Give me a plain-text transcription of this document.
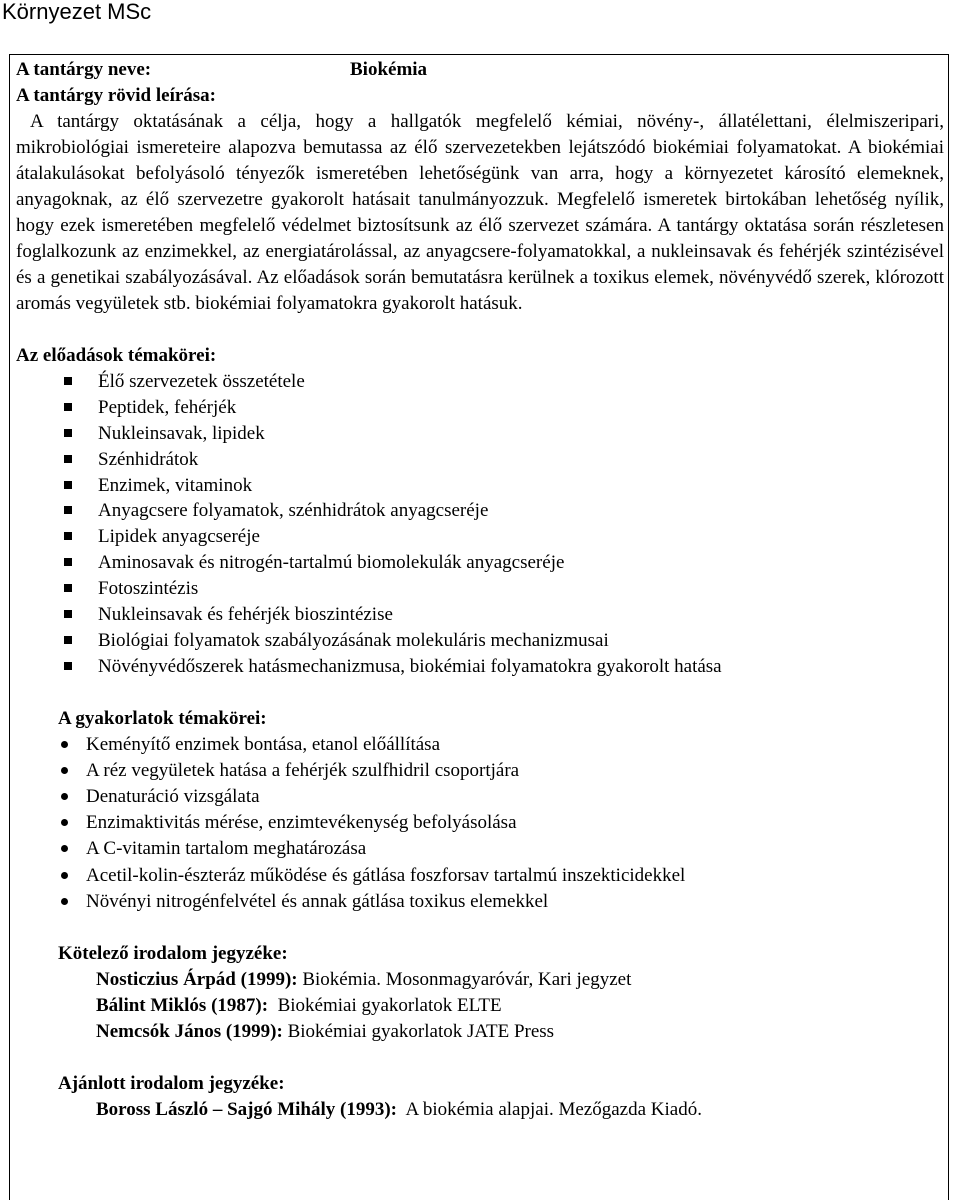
Környezet MSc
A tantárgy neve:	Biokémia
A tantárgy rövid leírása:

A tantárgy oktatásának a célja, hogy a hallgatók megfelelő kémiai, növény-, állatélettani, élelmiszeripari, mikrobiológiai ismereteire alapozva bemutassa az élő szervezetekben lejátszódó biokémiai folyamatokat. A biokémiai átalakulásokat befolyásoló tényezők ismeretében lehetőségünk van arra, hogy a környezetet károsító elemeknek, anyagoknak, az élő szervezetre gyakorolt hatásait tanulmányozzuk. Megfelelő ismeretek birtokában lehetőség nyílik, hogy ezek ismeretében megfelelő védelmet biztosítsunk az élő szervezet számára. A tantárgy oktatása során részletesen foglalkozunk az enzimekkel, az energiatárolással, az anyagcsere-folyamatokkal, a nukleinsavak és fehérjék szintézisével és a genetikai szabályozásával. Az előadások során bemutatásra kerülnek a toxikus elemek, növényvédő szerek, klórozott aromás vegyületek stb. biokémiai folyamatokra gyakorolt hatásuk.

Az előadások témakörei:
Élő szervezetek összetétele
Peptidek, fehérjék
Nukleinsavak, lipidek
Szénhidrátok
Enzimek, vitaminok
Anyagcsere folyamatok, szénhidrátok anyagcseréje
Lipidek anyagcseréje
Aminosavak és nitrogén-tartalmú biomolekulák anyagcseréje
Fotoszintézis
Nukleinsavak és fehérjék bioszintézise
Biológiai folyamatok szabályozásának molekuláris mechanizmusai
Növényvédőszerek hatásmechanizmusa, biokémiai folyamatokra gyakorolt hatása
A gyakorlatok témakörei:
Keményítő enzimek bontása, etanol előállítása
A réz vegyületek hatása a fehérjék szulfhidril csoportjára
Denaturáció vizsgálata
Enzimaktivitás mérése, enzimtevékenység befolyásolása
A C-vitamin tartalom meghatározása
Acetil-kolin-észteráz működése és gátlása foszforsav tartalmú inszekticidekkel
Növényi nitrogénfelvétel és annak gátlása toxikus elemekkel
Kötelező irodalom jegyzéke:
Nosticzius Árpád (1999): Biokémia. Mosonmagyaróvár, Kari jegyzet
Bálint Miklós (1987):  Biokémiai gyakorlatok ELTE
Nemcsók János (1999): Biokémiai gyakorlatok JATE Press
Ajánlott irodalom jegyzéke:
Boross László – Sajgó Mihály (1993):  A biokémia alapjai. Mezőgazda Kiadó.
